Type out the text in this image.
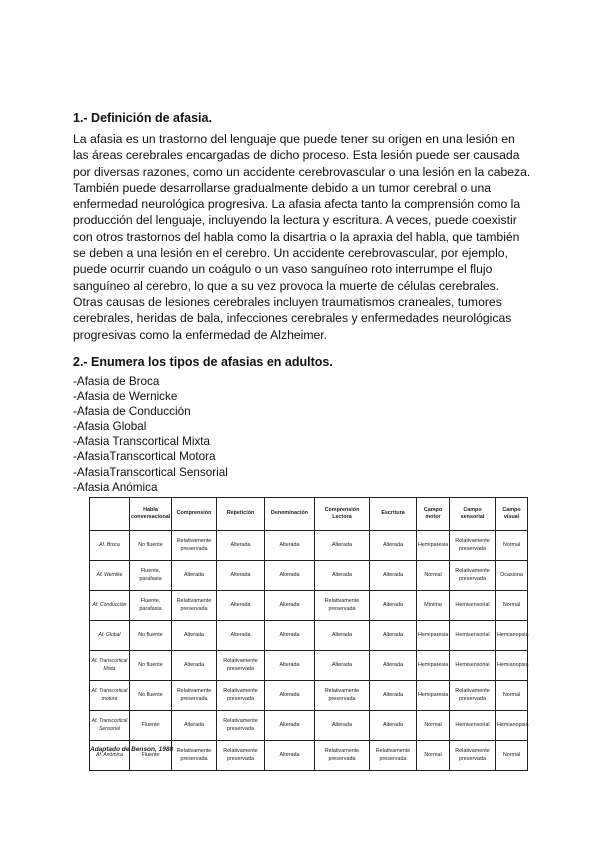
1.- Definición de afasia.
La afasia es un trastorno del lenguaje que puede tener su origen en una lesión en
las áreas cerebrales encargadas de dicho proceso. Esta lesión puede ser causada
por diversas razones, como un accidente cerebrovascular o una lesión en la cabeza.
También puede desarrollarse gradualmente debido a un tumor cerebral o una
enfermedad neurológica progresiva. La afasia afecta tanto la comprensión como la
producción del lenguaje, incluyendo la lectura y escritura. A veces, puede coexistir
con otros trastornos del habla como la disartria o la apraxia del habla, que también
se deben a una lesión en el cerebro. Un accidente cerebrovascular, por ejemplo,
puede ocurrir cuando un coágulo o un vaso sanguíneo roto interrumpe el flujo
sanguíneo al cerebro, lo que a su vez provoca la muerte de células cerebrales.
Otras causas de lesiones cerebrales incluyen traumatismos craneales, tumores
cerebrales, heridas de bala, infecciones cerebrales y enfermedades neurológicas
progresivas como la enfermedad de Alzheimer.
2.- Enumera los tipos de afasias en adultos.
-Afasia de Broca
-Afasia de Wernicke
-Afasia de Conducción
-Afasia Global
-Afasia Transcortical Mixta
-AfasiaTranscortical Motora
-AfasiaTranscortical Sensorial
-Afasia Anómica
	Habla conversacional	Comprensión	Repetición	Denominación	Comprensión Lectora	Escritura	Campo motor	Campo sensorial	Campo visual
Af. Broca	No fluente	Relativamente preservada	Alterada	Alterada	Alterada	Alterada	Hemiparesia	Relativamente preservada	Normal
Af. Wernike	Fluente, parafasia	Alterada	Alterada	Alterada	Alterada	Alterada	Normal	Relativamente preservada	Ocasiona
Af. Conducción	Fluente, parafasia	Relativamente preservada	Alterada	Alterada	Relativamente preservada	Alterada	Mínima	Hemisensorial	Normal
Af. Global	No fluente	Alterada	Alterada	Alterada	Alterada	Alterada	Hemiparesia	Hemisensorial	Hemianopsia
Af. Transcortical Mixta	No fluente	Alterada	Relativamente preservada	Alterada	Alterada	Alterada	Hemiparesia	Hemisensorial	Hemianopsia
Af. Transcortical motora	No fluente	Relativamente preservada	Relativamente preservada	Alterada	Relativamente preservada	Alterada	Hemiparesia	Relativamente preservada	Normal
Af. Transcortical Sensorial	Fluente	Alterada	Relativamente preservada	Alterada	Alterada	Alterada	Normal	Hemisensorial	Hemianopsia
Af. Anómica	Fluente	Relativamente preservada	Relativamente preservada	Alterada	Relativamente preservada	Relativamente preservada	Normal	Relativamente preservada	Normal
Adaptado de Benson, 1988
